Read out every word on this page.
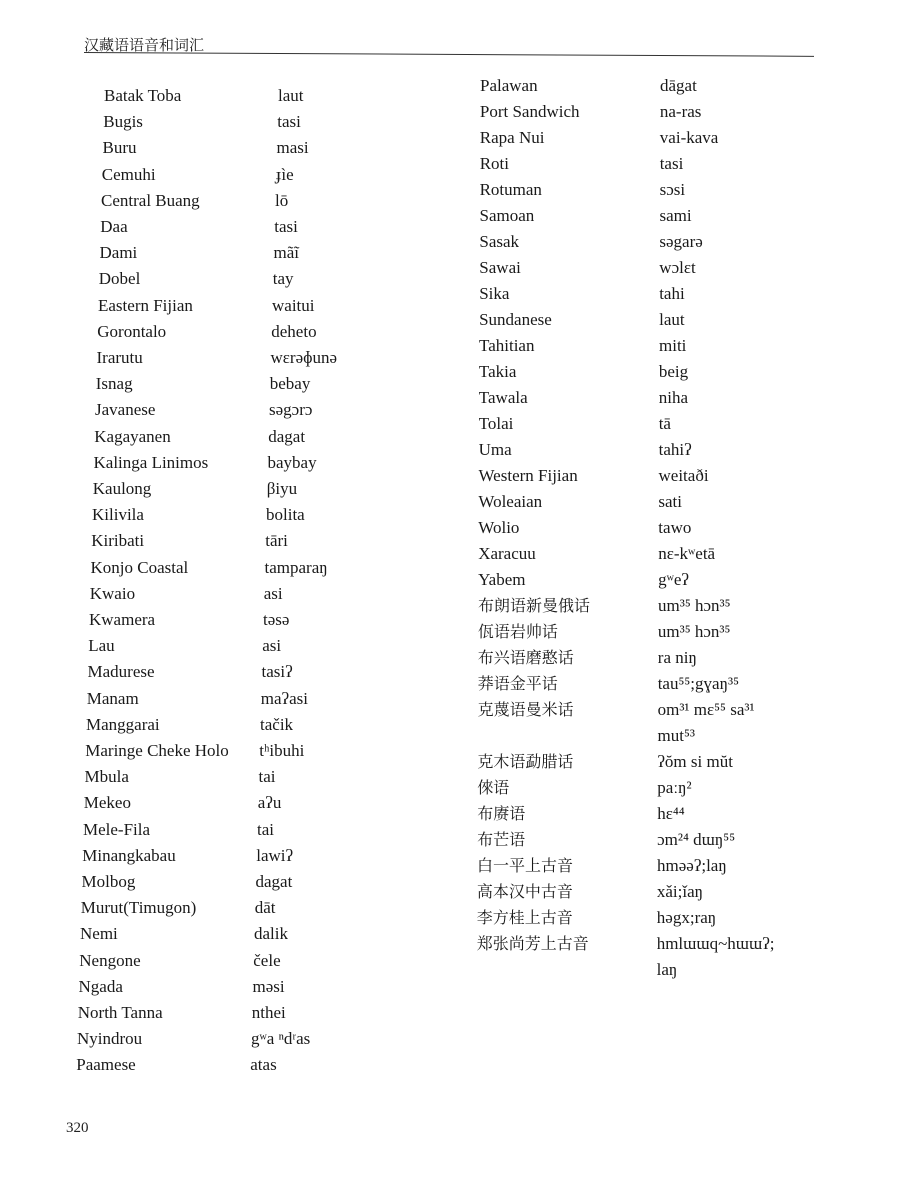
汉藏语语音和词汇
Batak Toba	laut
Bugis	tasi
Buru	masi
Cemuhi	ɟìe
Central Buang	lō
Daa	tasi
Dami	mãĩ
Dobel	tay
Eastern Fijian	waitui
Gorontalo	deheto
Irarutu	wɛrəɸunə
Isnag	bebay
Javanese	səgɔrɔ
Kagayanen	dagat
Kalinga Linimos	baybay
Kaulong	βiyu
Kilivila	bolita
Kiribati	tāri
Konjo Coastal	tamparaŋ
Kwaio	asi
Kwamera	təsə
Lau	asi
Madurese	tasiʔ
Manam	maʔasi
Manggarai	tačik
Maringe Cheke Holo tʰibuhi
Mbula	tai
Mekeo	aʔu
Mele-Fila	tai
Minangkabau	lawiʔ
Molbog	dagat
Murut(Timugon)	dāt
Nemi	dalik
Nengone	čele
Ngada	məsi
North Tanna	nthei
Nyindrou	gʷa ⁿdʳas
Paamese	atas
Palawan	dāgat
Port Sandwich	na-ras
Rapa Nui	vai-kava
Roti	tasi
Rotuman	sɔsi
Samoan	sami
Sasak	səgarə
Sawai	wɔlɛt
Sika	tahi
Sundanese	laut
Tahitian	miti
Takia	beig
Tawala	niha
Tolai	tā
Uma	tahiʔ
Western Fijian	weitaði
Woleaian	sati
Wolio	tawo
Xaracuu	nɛ-kʷetā
Yabem	gʷeʔ
布朗语新曼俄话	um³⁵ hɔn³⁵
佤语岩帅话	um³⁵ hɔn³⁵
布兴语磨憨话	ra niŋ
莽语金平话	tau⁵⁵;gɣaŋ³⁵
克蔑语曼米话	om³¹ mɛ⁵⁵ sa³¹
mut⁵³
克木语勐腊话	ʔŏm si mŭt
倈语	paːŋ²
布赓语	hɛ⁴⁴
布芒语	ɔm²⁴ dɯŋ⁵⁵
白一平上古音	hməəʔ;laŋ
高本汉中古音	xǎi;ǐaŋ
李方桂上古音	həgx;raŋ
郑张尚芳上古音	hmlɯɯq~hɯɯʔ;
laŋ
320
